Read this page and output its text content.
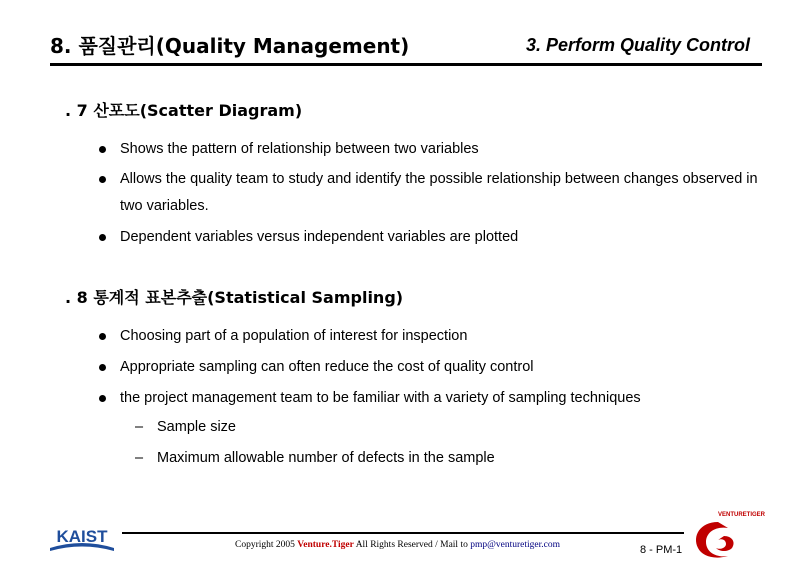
8. 품질관리(Quality Management)	3. Perform Quality Control
. 7 산포도(Scatter Diagram)
Shows the pattern of relationship between two variables
Allows the quality team to study and identify the possible relationship between changes observed in two variables.
Dependent variables versus independent variables are plotted
. 8 통계적 표본추출(Statistical Sampling)
Choosing part of a population of interest for inspection
Appropriate sampling can often reduce the cost of quality control
the project management team to be familiar with a variety of sampling techniques
– Sample size
– Maximum allowable number of defects in the sample
KAIST	Copyright 2005 Venture.Tiger All Rights Reserved / Mail to pmp@venturetiger.com	8 - PM-1
VENTURETIGER
